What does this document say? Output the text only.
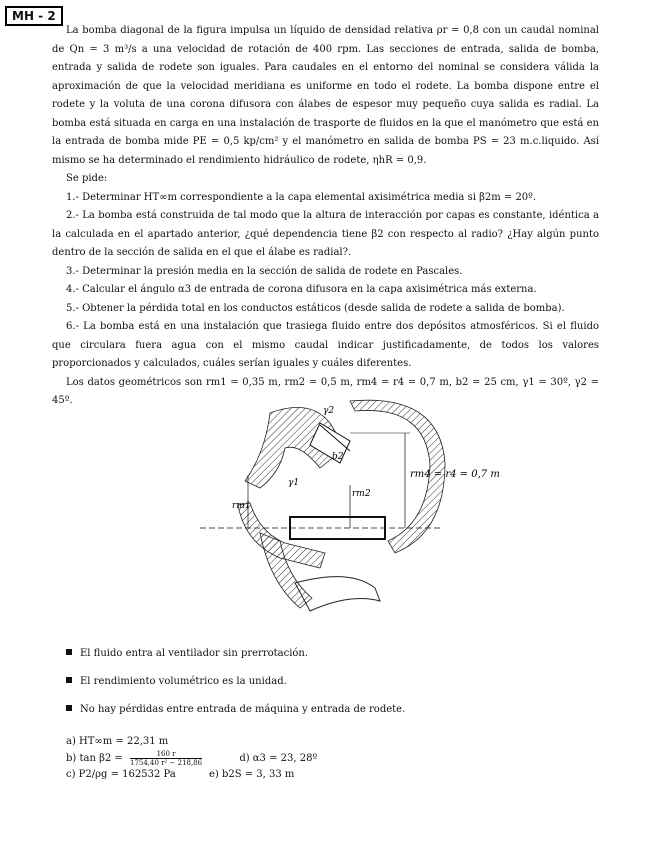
MH - 2

La bomba diagonal de la figura impulsa un líquido de densidad relativa ρr = 0,8 con un caudal nominal de Qn = 3 m³/s a una velocidad de rotación de 400 rpm. Las secciones de entrada, salida de bomba, entrada y salida de rodete son iguales. Para caudales en el entorno del nominal se considera válida la aproximación de que la velocidad meridiana es uniforme en todo el rodete. La bomba dispone entre el rodete y la voluta de una corona difusora con álabes de espesor muy pequeño cuya salida es radial. La bomba está situada en carga en una instalación de trasporte de fluidos en la que el manómetro que está en la entrada de bomba mide PE = 0,5 kp/cm² y el manómetro en salida de bomba PS = 23 m.c.liquido. Así mismo se ha determinado el rendimiento hidráulico de rodete, ηhR = 0,9.

Se pide:

1.- Determinar HT∞m correspondiente a la capa elemental axisimétrica media si β2m = 20º.

2.- La bomba está construida de tal modo que la altura de interacción por capas es constante, idéntica a la calculada en el apartado anterior, ¿qué dependencia tiene β2 con respecto al radio? ¿Hay algún punto dentro de la sección de salida en el que el álabe es radial?.

3.- Determinar la presión media en la sección de salida de rodete en Pascales.

4.- Calcular el ángulo α3 de entrada de corona difusora en la capa axisimétrica más externa.

5.- Obtener la pérdida total en los conductos estáticos (desde salida de rodete a salida de bomba).

6.- La bomba está en una instalación que trasiega fluido entre dos depósitos atmosféricos. Si el fluido que circulara fuera agua con el mismo caudal indicar justificadamente, de todos los valores proporcionados y calculados, cuáles serían iguales y cuáles diferentes.

Los datos geométricos son rm1 = 0,35 m, rm2 = 0,5 m, rm4 = r4 = 0,7 m, b2 = 25 cm, γ1 = 30º, γ2 = 45º.

γ2
b2
γ1
rm1
rm2
rm4 = r4 = 0,7 m
El fluido entra al ventilador sin prerrotación.
El rendimiento volumétrico es la unidad.
No hay pérdidas entre entrada de máquina y entrada de rodete.
a) HT∞m = 22,31 m
b) $\tan \beta 2 = \frac{160 r}{\text{1754,40 r² − 218,86}}$	d) α3 = 23, 28º
c) P2/ρg = 162532 Pa	e) b2S = 3, 33 m
